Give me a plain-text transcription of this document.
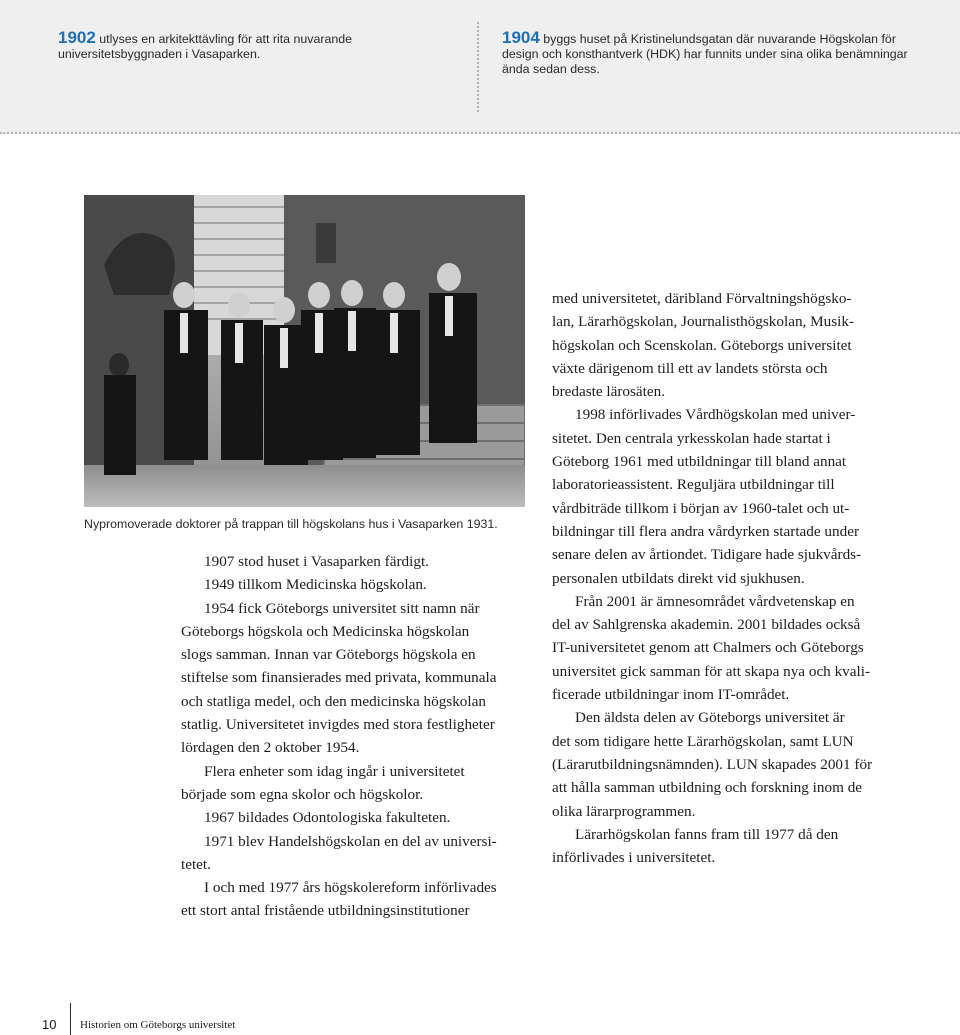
1902 utlyses en arkitekttävling för att rita nuvarande universitetsbyggnaden i Vasaparken.
1904 byggs huset på Kristinelundsgatan där nuvarande Högskolan för design och konsthantverk (HDK) har funnits under sina olika benämningar ända sedan dess.
Nypromoverade doktorer på trappan till högskolans hus i Vasaparken 1931.
1907 stod huset i Vasaparken färdigt.
1949 tillkom Medicinska högskolan.
1954 fick Göteborgs universitet sitt namn när
Göteborgs högskola och Medicinska högskolan
slogs samman. Innan var Göteborgs högskola en
stiftelse som finansierades med privata, kommunala
och statliga medel, och den medicinska högskolan
statlig. Universitetet invigdes med stora festligheter
lördagen den 2 oktober 1954.
Flera enheter som idag ingår i universitetet
började som egna skolor och högskolor.
1967 bildades Odontologiska fakulteten.
1971 blev Handelshögskolan en del av universi-
tetet.
I och med 1977 års högskolereform införlivades
ett stort antal fristående utbildningsinstitutioner
med universitetet, däribland Förvaltningshögsko-
lan, Lärarhögskolan, Journalisthögskolan, Musik-
högskolan och Scenskolan. Göteborgs universitet
växte därigenom till ett av landets största och
bredaste lärosäten.
1998 införlivades Vårdhögskolan med univer-
sitetet. Den centrala yrkesskolan hade startat i
Göteborg 1961 med utbildningar till bland annat
laboratorieassistent. Reguljära utbildningar till
vårdbiträde tillkom i början av 1960-talet och ut-
bildningar till flera andra vårdyrken startade under
senare delen av årtiondet. Tidigare hade sjukvårds-
personalen utbildats direkt vid sjukhusen.
Från 2001 är ämnesområdet vårdvetenskap en
del av Sahlgrenska akademin. 2001 bildades också
IT-universitetet genom att Chalmers och Göteborgs
universitet gick samman för att skapa nya och kvali-
ficerade utbildningar inom IT-området.
Den äldsta delen av Göteborgs universitet är
det som tidigare hette Lärarhögskolan, samt LUN
(Lärarutbildningsnämnden). LUN skapades 2001 för
att hålla samman utbildning och forskning inom de
olika lärarprogrammen.
Lärarhögskolan fanns fram till 1977 då den
införlivades i universitetet.
10 Historien om Göteborgs universitet
